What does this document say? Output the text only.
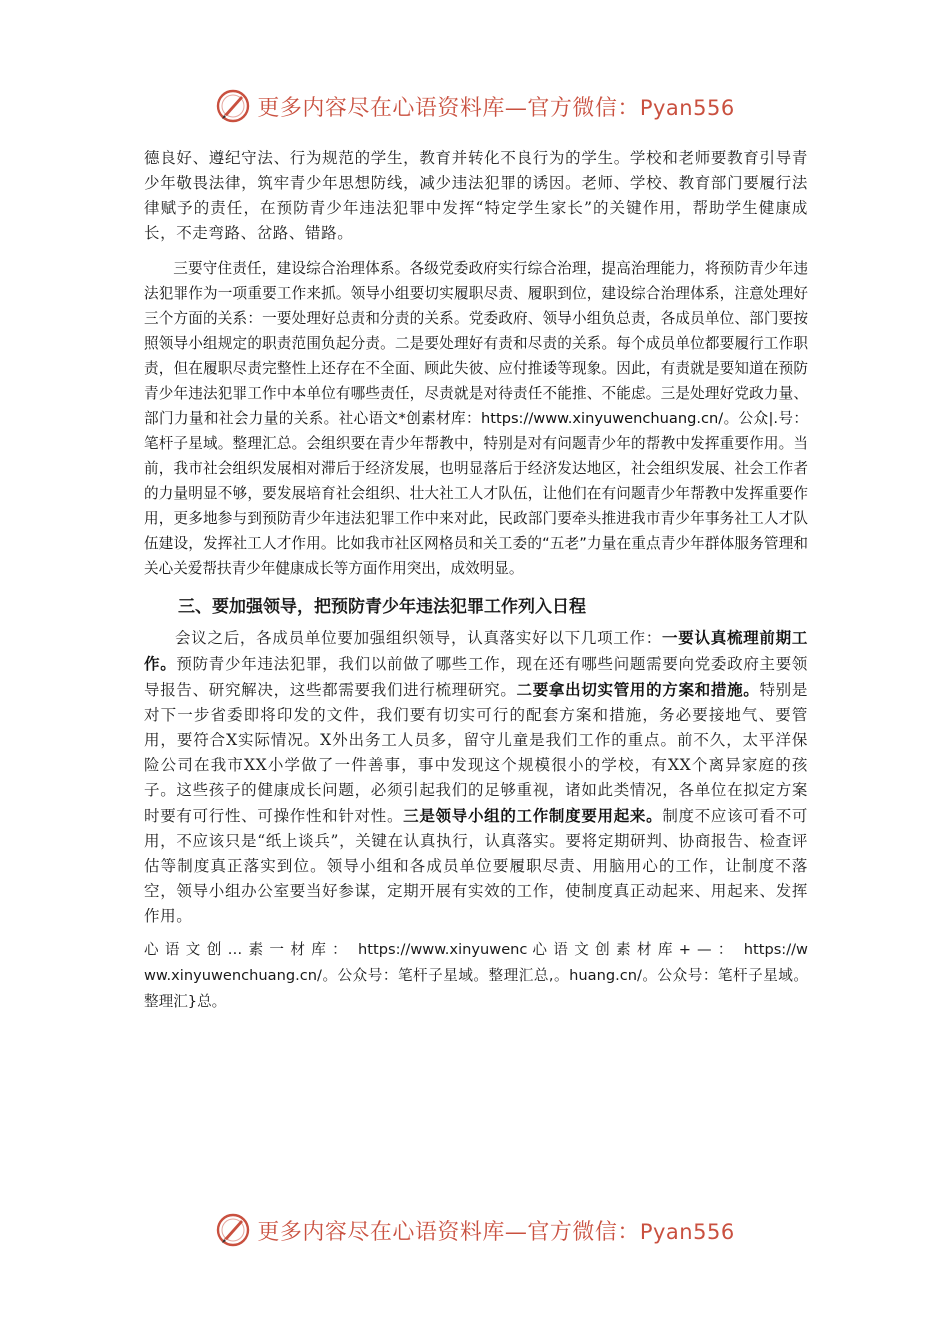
更多内容尽在心语资料库—官方微信：Pyan556

德良好、遵纪守法、行为规范的学生，教育并转化不良行为的学生。学校和老师要教育引导青少年敬畏法律，筑牢青少年思想防线，减少违法犯罪的诱因。老师、学校、教育部门要履行法律赋予的责任，在预防青少年违法犯罪中发挥“特定学生家长”的关键作用，帮助学生健康成长，不走弯路、岔路、错路。

三要守住责任，建设综合治理体系。各级党委政府实行综合治理，提高治理能力，将预防青少年违法犯罪作为一项重要工作来抓。领导小组要切实履职尽责、履职到位，建设综合治理体系，注意处理好三个方面的关系：一要处理好总责和分责的关系。党委政府、领导小组负总责，各成员单位、部门要按照领导小组规定的职责范围负起分责。二是要处理好有责和尽责的关系。每个成员单位都要履行工作职责，但在履职尽责完整性上还存在不全面、顾此失彼、应付推诿等现象。因此，有责就是要知道在预防青少年违法犯罪工作中本单位有哪些责任，尽责就是对待责任不能推、不能虑。三是处理好党政力量、部门力量和社会力量的关系。社心语文*创素材库：https://www.xinyuwenchuang.cn/。公众|.号：笔杆子星域。整理汇总。会组织要在青少年帮教中，特别是对有问题青少年的帮教中发挥重要作用。当前，我市社会组织发展相对滞后于经济发展，也明显落后于经济发达地区，社会组织发展、社会工作者的力量明显不够，要发展培育社会组织、壮大社工人才队伍，让他们在有问题青少年帮教中发挥重要作用，更多地参与到预防青少年违法犯罪工作中来对此，民政部门要牵头推进我市青少年事务社工人才队伍建设，发挥社工人才作用。比如我市社区网格员和关工委的“五老”力量在重点青少年群体服务管理和关心关爱帮扶青少年健康成长等方面作用突出，成效明显。

三、要加强领导，把预防青少年违法犯罪工作列入日程

会议之后，各成员单位要加强组织领导，认真落实好以下几项工作：一要认真梳理前期工作。预防青少年违法犯罪，我们以前做了哪些工作，现在还有哪些问题需要向党委政府主要领导报告、研究解决，这些都需要我们进行梳理研究。二要拿出切实管用的方案和措施。特别是对下一步省委即将印发的文件，我们要有切实可行的配套方案和措施，务必要接地气、要管用，要符合X实际情况。X外出务工人员多，留守儿童是我们工作的重点。前不久，太平洋保险公司在我市XX小学做了一件善事，事中发现这个规模很小的学校，有XX个离异家庭的孩子。这些孩子的健康成长问题，必须引起我们的足够重视，诸如此类情况，各单位在拟定方案时要有可行性、可操作性和针对性。三是领导小组的工作制度要用起来。制度不应该可看不可用，不应该只是“纸上谈兵”，关键在认真执行，认真落实。要将定期研判、协商报告、检查评估等制度真正落实到位。领导小组和各成员单位要履职尽责、用脑用心的工作，让制度不落空，领导小组办公室要当好参谋，定期开展有实效的工作，使制度真正动起来、用起来、发挥作用。

心语文创…素一材库： https://www.xinyuwenc 心语文创素材库+—： https://www.xinyuwenchuang.cn/。公众号：笔杆子星域。整理汇总,。huang.cn/。公众号：笔杆子星域。整理汇}总。

更多内容尽在心语资料库—官方微信：Pyan556
